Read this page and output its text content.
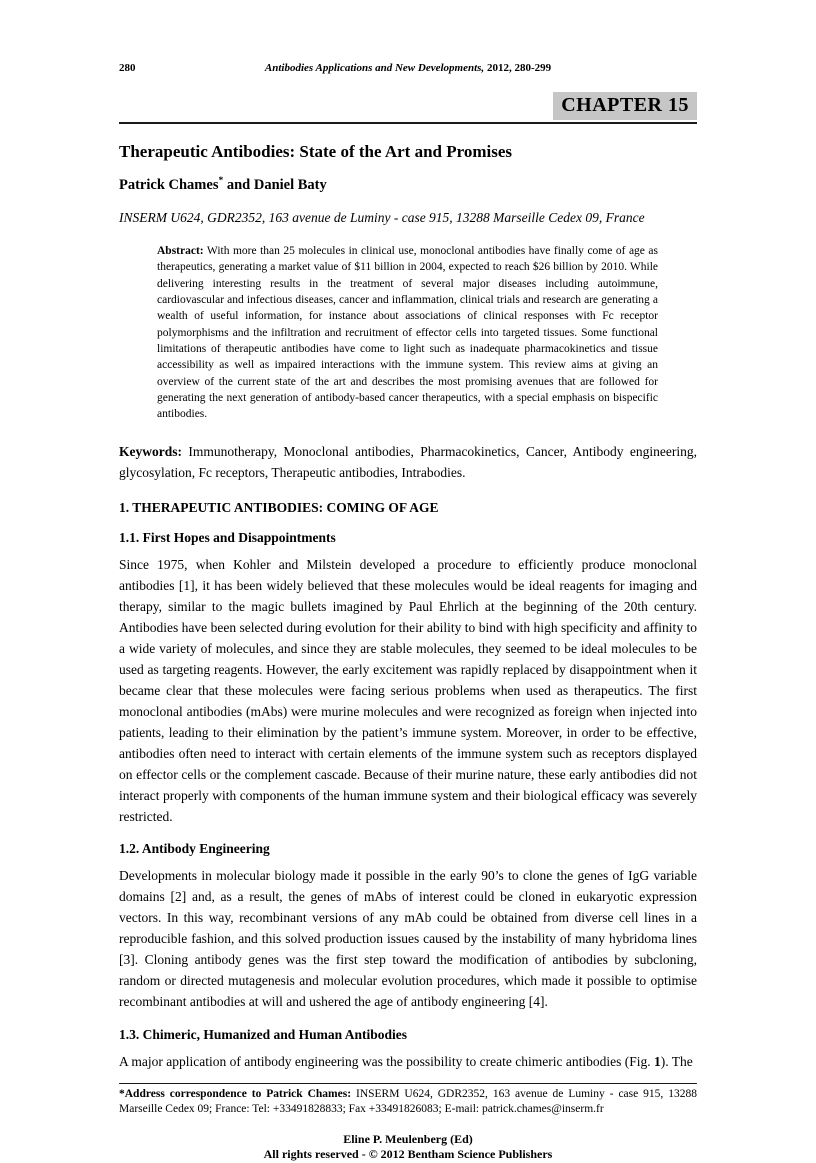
280	Antibodies Applications and New Developments, 2012, 280-299
CHAPTER 15
Therapeutic Antibodies: State of the Art and Promises
Patrick Chames* and Daniel Baty
INSERM U624, GDR2352, 163 avenue de Luminy - case 915, 13288 Marseille Cedex 09, France
Abstract: With more than 25 molecules in clinical use, monoclonal antibodies have finally come of age as therapeutics, generating a market value of $11 billion in 2004, expected to reach $26 billion by 2010. While delivering interesting results in the treatment of several major diseases including autoimmune, cardiovascular and infectious diseases, cancer and inflammation, clinical trials and research are generating a wealth of useful information, for instance about associations of clinical responses with Fc receptor polymorphisms and the infiltration and recruitment of effector cells into targeted tissues. Some functional limitations of therapeutic antibodies have come to light such as inadequate pharmacokinetics and tissue accessibility as well as impaired interactions with the immune system. This review aims at giving an overview of the current state of the art and describes the most promising avenues that are followed for generating the next generation of antibody-based cancer therapeutics, with a special emphasis on bispecific antibodies.
Keywords: Immunotherapy, Monoclonal antibodies, Pharmacokinetics, Cancer, Antibody engineering, glycosylation, Fc receptors, Therapeutic antibodies, Intrabodies.
1. THERAPEUTIC ANTIBODIES: COMING OF AGE
1.1. First Hopes and Disappointments
Since 1975, when Kohler and Milstein developed a procedure to efficiently produce monoclonal antibodies [1], it has been widely believed that these molecules would be ideal reagents for imaging and therapy, similar to the magic bullets imagined by Paul Ehrlich at the beginning of the 20th century. Antibodies have been selected during evolution for their ability to bind with high specificity and affinity to a wide variety of molecules, and since they are stable molecules, they seemed to be ideal molecules to be used as targeting reagents. However, the early excitement was rapidly replaced by disappointment when it became clear that these molecules were facing serious problems when used as therapeutics. The first monoclonal antibodies (mAbs) were murine molecules and were recognized as foreign when injected into patients, leading to their elimination by the patient’s immune system. Moreover, in order to be effective, antibodies often need to interact with certain elements of the immune system such as receptors displayed on effector cells or the complement cascade. Because of their murine nature, these early antibodies did not interact properly with components of the human immune system and their biological efficacy was severely restricted.
1.2. Antibody Engineering
Developments in molecular biology made it possible in the early 90’s to clone the genes of IgG variable domains [2] and, as a result, the genes of mAbs of interest could be cloned in eukaryotic expression vectors. In this way, recombinant versions of any mAb could be obtained from diverse cell lines in a reproducible fashion, and this solved production issues caused by the instability of many hybridoma lines [3]. Cloning antibody genes was the first step toward the modification of antibodies by subcloning, random or directed mutagenesis and molecular evolution procedures, which made it possible to optimise recombinant antibodies at will and ushered the age of antibody engineering [4].
1.3. Chimeric, Humanized and Human Antibodies
A major application of antibody engineering was the possibility to create chimeric antibodies (Fig. 1). The
*Address correspondence to Patrick Chames: INSERM U624, GDR2352, 163 avenue de Luminy - case 915, 13288 Marseille Cedex 09; France: Tel: +33491828833; Fax +33491826083; E-mail: patrick.chames@inserm.fr
Eline P. Meulenberg (Ed)
All rights reserved - © 2012 Bentham Science Publishers
